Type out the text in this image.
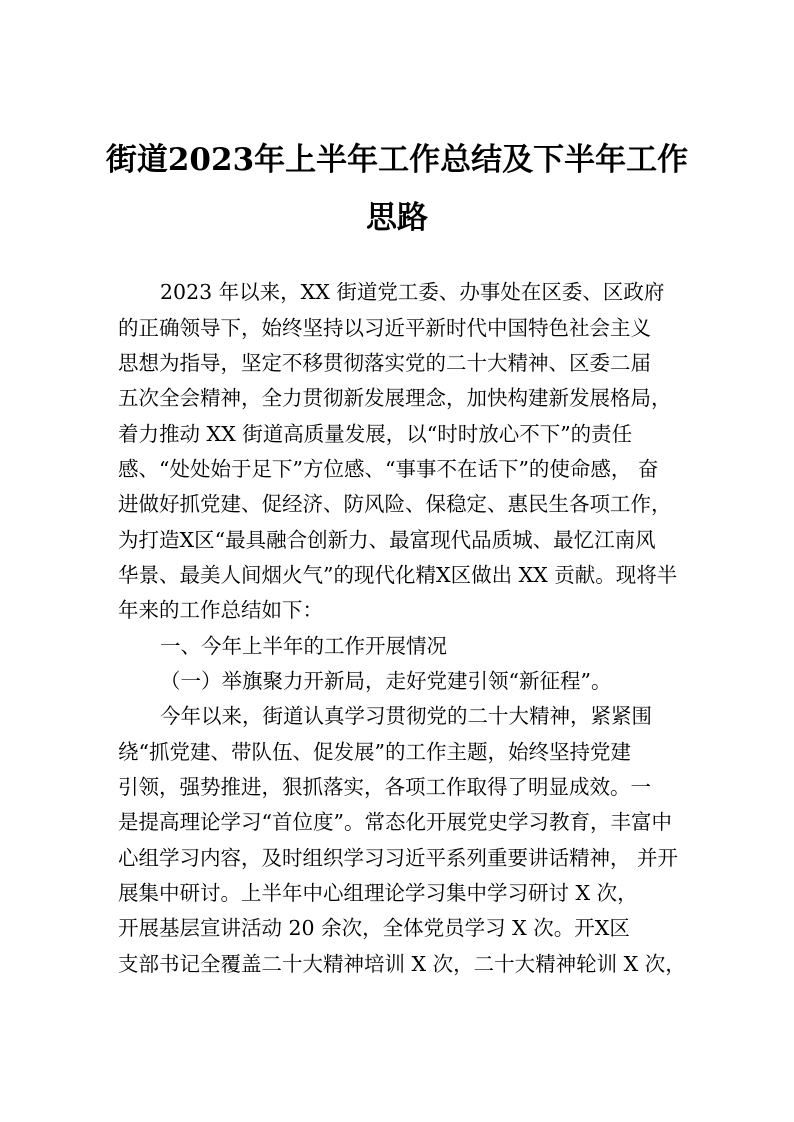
街道2023年上半年工作总结及下半年工作
思路
2023 年以来，XX 街道党工委、办事处在区委、区政府
的正确领导下，始终坚持以习近平新时代中国特色社会主义
思想为指导，坚定不移贯彻落实党的二十大精神、区委二届
五次全会精神，全力贯彻新发展理念，加快构建新发展格局，
着力推动 XX 街道高质量发展，以“时时放心不下”的责任
感、“处处始于足下”方位感、“事事不在话下”的使命感， 奋
进做好抓党建、促经济、防风险、保稳定、惠民生各项工作，
为打造X区“最具融合创新力、最富现代品质城、最忆江南风
华景、最美人间烟火气”的现代化精X区做出 XX 贡献。现将半
年来的工作总结如下：
一、今年上半年的工作开展情况
（一）举旗聚力开新局，走好党建引领“新征程”。
今年以来，街道认真学习贯彻党的二十大精神，紧紧围
绕“抓党建、带队伍、促发展”的工作主题，始终坚持党建
引领，强势推进，狠抓落实，各项工作取得了明显成效。一
是提高理论学习“首位度”。常态化开展党史学习教育，丰富中
心组学习内容，及时组织学习习近平系列重要讲话精神， 并开
展集中研讨。上半年中心组理论学习集中学习研讨 X 次，
开展基层宣讲活动 20 余次，全体党员学习 X 次。开X区
支部书记全覆盖二十大精神培训 X 次，二十大精神轮训 X 次，
